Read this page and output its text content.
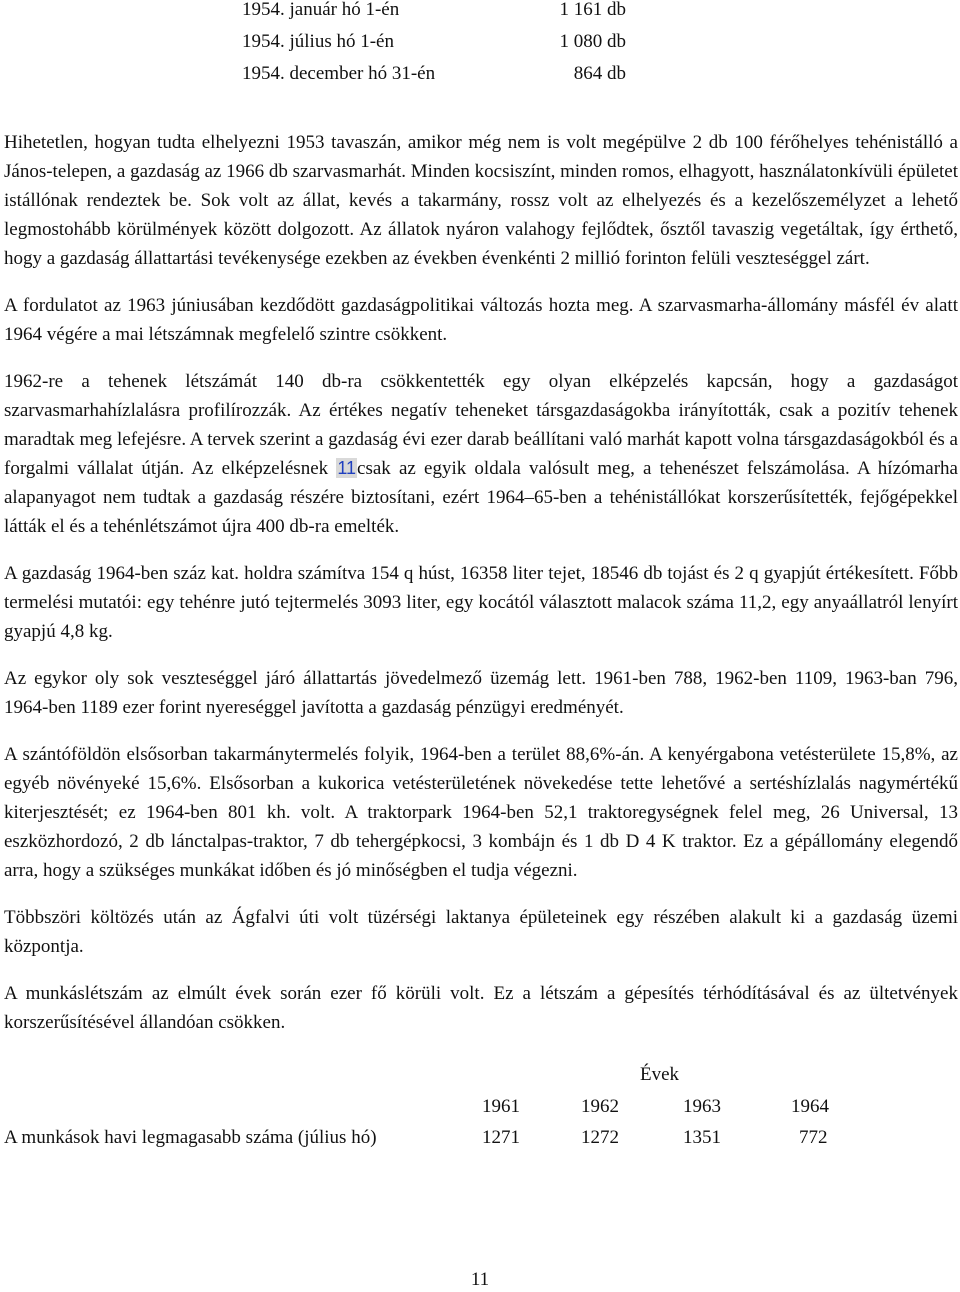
1954. január hó 1-én	1 161 db
1954. július hó 1-én	1 080 db
1954. december hó 31-én	864 db

Hihetetlen, hogyan tudta elhelyezni 1953 tavaszán, amikor még nem is volt megépülve 2 db 100 férőhelyes tehénistálló a János-telepen, a gazdaság az 1966 db szarvasmarhát. Minden kocsiszínt, minden romos, elhagyott, használatonkívüli épületet istállónak rendeztek be. Sok volt az állat, kevés a takarmány, rossz volt az elhelyezés és a kezelőszemélyzet a lehető legmostohább körülmények között dolgozott. Az állatok nyáron valahogy fejlődtek, ősztől tavaszig vegetáltak, így érthető, hogy a gazdaság állattartási tevékenysége ezekben az években évenkénti 2 millió forinton felüli veszteséggel zárt.

A fordulatot az 1963 júniusában kezdődött gazdaságpolitikai változás hozta meg. A szarvasmarha-állomány másfél év alatt 1964 végére a mai létszámnak megfelelő szintre csökkent.

1962-re a tehenek létszámát 140 db-ra csökkentették egy olyan elképzelés kapcsán, hogy a gazdaságot szarvasmarhahízlalásra profilírozzák. Az értékes negatív teheneket társgazdaságokba irányították, csak a pozitív tehenek maradtak meg lefejésre. A tervek szerint a gazdaság évi ezer darab beállítani való marhát kapott volna társgazdaságokból és a forgalmi vállalat útján. Az elképzelésnek 11csak az egyik oldala valósult meg, a tehenészet felszámolása. A hízómarha alapanyagot nem tudtak a gazdaság részére biztosítani, ezért 1964–65-ben a tehénistállókat korszerűsítették, fejőgépekkel látták el és a tehénlétszámot újra 400 db-ra emelték.

A gazdaság 1964-ben száz kat. holdra számítva 154 q húst, 16358 liter tejet, 18546 db tojást és 2 q gyapjút értékesített. Főbb termelési mutatói: egy tehénre jutó tejtermelés 3093 liter, egy kocától választott malacok száma 11,2, egy anyaállatról lenyírt gyapjú 4,8 kg.

Az egykor oly sok veszteséggel járó állattartás jövedelmező üzemág lett. 1961-ben 788, 1962-ben 1109, 1963-ban 796, 1964-ben 1189 ezer forint nyereséggel javította a gazdaság pénzügyi eredményét.

A szántóföldön elsősorban takarmánytermelés folyik, 1964-ben a terület 88,6%-án. A kenyérgabona vetésterülete 15,8%, az egyéb növényeké 15,6%. Elsősorban a kukorica vetésterületének növekedése tette lehetővé a sertéshízlalás nagymértékű kiterjesztését; ez 1964-ben 801 kh. volt. A traktorpark 1964-ben 52,1 traktoregységnek felel meg, 26 Universal, 13 eszközhordozó, 2 db lánctalpas-traktor, 7 db tehergépkocsi, 3 kombájn és 1 db D 4 K traktor. Ez a gépállomány elegendő arra, hogy a szükséges munkákat időben és jó minőségben el tudja végezni.

Többszöri költözés után az Ágfalvi úti volt tüzérségi laktanya épületeinek egy részében alakult ki a gazdaság üzemi központja.

A munkáslétszám az elmúlt évek során ezer fő körüli volt. Ez a létszám a gépesítés térhódításával és az ültetvények korszerűsítésével állandóan csökken.

Évek
1961	1962	1963	1964
A munkások havi legmagasabb száma (július hó)	1271	1272	1351	772
11
